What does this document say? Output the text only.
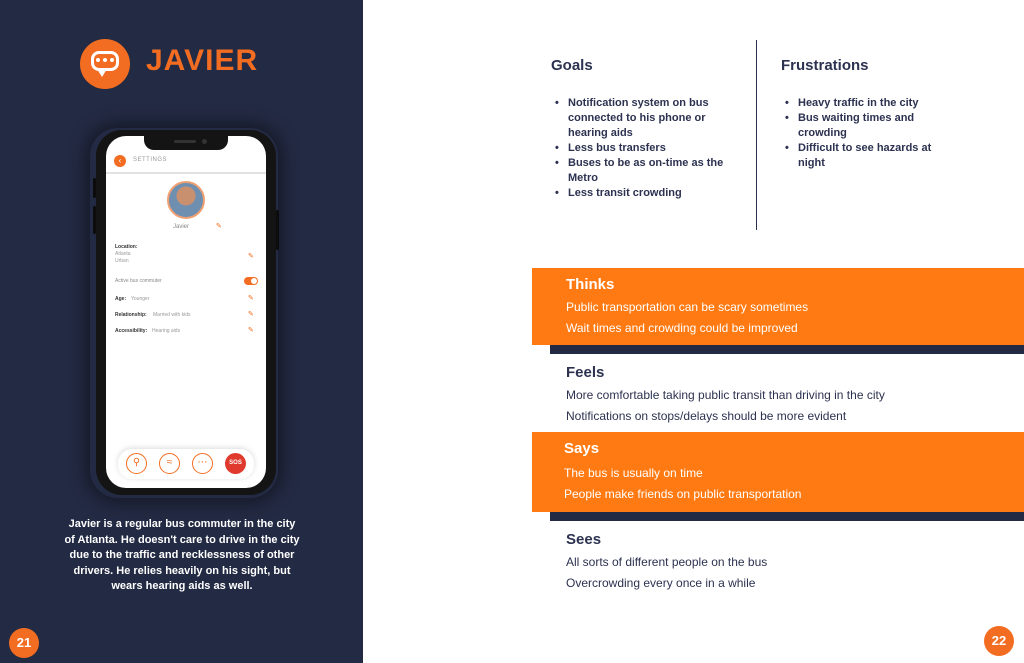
JAVIER
‹	SETTINGS
Javier	✎
Location:
Atlanta
Urban
✎
Active bus commuter
Age: Younger	✎
Relationship: Married with kids	✎
Accessibility: Hearing aids	✎
⚲	≈	⋯	SOS
Javier is a regular bus commuter in the city of Atlanta. He doesn't care to drive in the city due to the traffic and recklessness of other drivers. He relies heavily on his sight, but wears hearing aids as well.
21
Goals
• Notification system on bus connected to his phone or hearing aids
• Less bus transfers
• Buses to be as on-time as the Metro
• Less transit crowding
Frustrations
• Heavy traffic in the city
• Bus waiting times and crowding
• Difficult to see hazards at night
Thinks
Public transportation can be scary sometimes
Wait times and crowding could be improved
Feels
More comfortable taking public transit than driving in the city
Notifications on stops/delays should be more evident
Says
The bus is usually on time
People make friends on public transportation
Sees
All sorts of different people on the bus
Overcrowding every once in a while
22
